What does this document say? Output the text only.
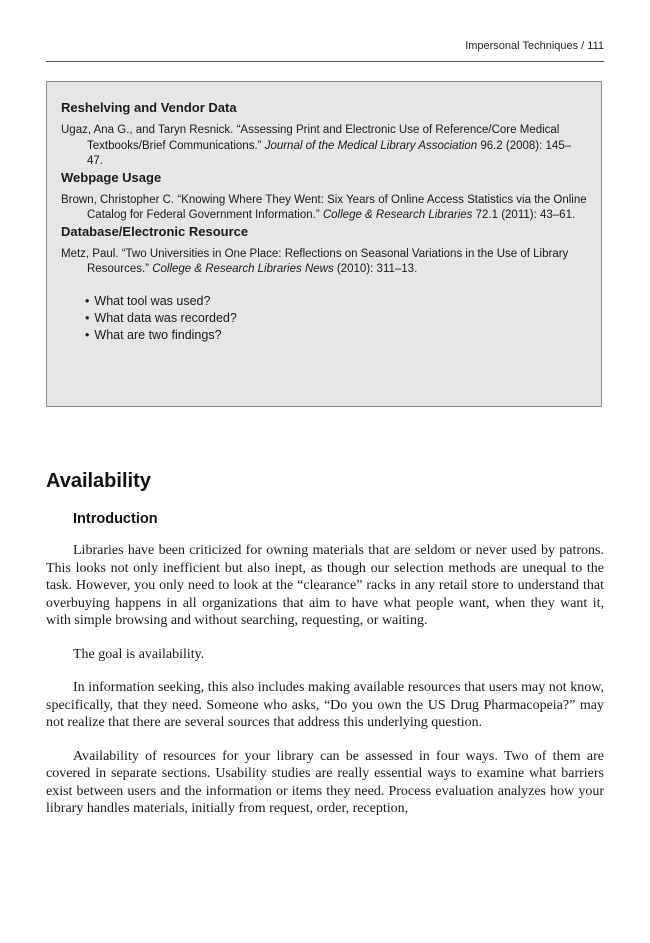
Impersonal Techniques / 111
Reshelving and Vendor Data

Ugaz, Ana G., and Taryn Resnick. “Assessing Print and Electronic Use of Reference/Core Medical Textbooks/Brief Communications.” Journal of the Medical Library Association 96.2 (2008): 145–47.

Webpage Usage

Brown, Christopher C. “Knowing Where They Went: Six Years of Online Access Statistics via the Online Catalog for Federal Government Information.” College & Research Libraries 72.1 (2011): 43–61.

Database/Electronic Resource

Metz, Paul. “Two Universities in One Place: Reflections on Seasonal Variations in the Use of Library Resources.” College & Research Libraries News (2010): 311–13.

• What tool was used?
• What data was recorded?
• What are two findings?
Availability
Introduction

Libraries have been criticized for owning materials that are seldom or never used by patrons. This looks not only inefficient but also inept, as though our selection methods are unequal to the task. However, you only need to look at the “clearance” racks in any retail store to understand that overbuying happens in all organizations that aim to have what people want, when they want it, with simple browsing and without searching, requesting, or waiting.

The goal is availability.

In information seeking, this also includes making available resources that users may not know, specifically, that they need. Someone who asks, “Do you own the US Drug Pharmacopeia?” may not realize that there are several sources that address this underlying question.

Availability of resources for your library can be assessed in four ways. Two of them are covered in separate sections. Usability studies are really essential ways to examine what barriers exist between users and the information or items they need. Process evaluation analyzes how your library handles materials, initially from request, order, reception,
